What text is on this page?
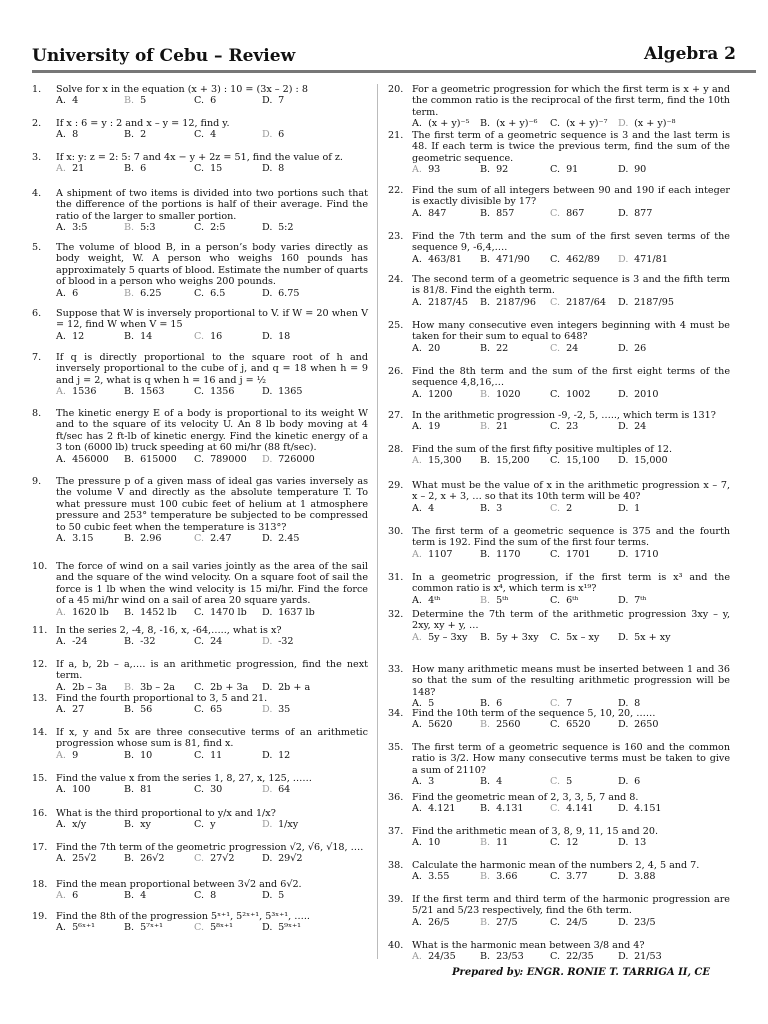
University of Cebu – Review	Algebra 2
1. Solve for x in the equation (x + 3) : 10 = (3x – 2) : 8
A. 4	B. 5	C. 6	D. 7
2. If x : 6 = y : 2 and x – y = 12, find y.
A. 8	B. 2	C. 4	D. 6
3. If x: y: z = 2: 5: 7 and 4x − y + 2z = 51, find the value of z.
A. 21	B. 6	C. 15	D. 8
4. A shipment of two items is divided into two portions such that the difference of the portions is half of their average. Find the ratio of the larger to smaller portion.
A. 3:5	B. 5:3	C. 2:5	D. 5:2
5. The volume of blood B, in a person’s body varies directly as body weight, W. A person who weighs 160 pounds has approximately 5 quarts of blood. Estimate the number of quarts of blood in a person who weighs 200 pounds.
A. 6	B. 6.25	C. 6.5	D. 6.75
6. Suppose that W is inversely proportional to V. if W = 20 when V = 12, find W when V = 15
A. 12	B. 14	C. 16	D. 18
7. If q is directly proportional to the square root of h and inversely proportional to the cube of j, and q = 18 when h = 9 and j = 2, what is q when h = 16 and j = ½
A. 1536	B. 1563	C. 1356	D. 1365
8. The kinetic energy E of a body is proportional to its weight W and to the square of its velocity U. An 8 lb body moving at 4 ft/sec has 2 ft-lb of kinetic energy. Find the kinetic energy of a 3 ton (6000 lb) truck speeding at 60 mi/hr (88 ft/sec).
A. 456000	B. 615000	C. 789000	D. 726000
9. The pressure p of a given mass of ideal gas varies inversely as the volume V and directly as the absolute temperature T. To what pressure must 100 cubic feet of helium at 1 atmosphere pressure and 253° temperature be subjected to be compressed to 50 cubic feet when the temperature is 313°?
A. 3.15	B. 2.96	C. 2.47	D. 2.45
10. The force of wind on a sail varies jointly as the area of the sail and the square of the wind velocity. On a square foot of sail the force is 1 lb when the wind velocity is 15 mi/hr. Find the force of a 45 mi/hr wind on a sail of area 20 square yards.
A. 1620 lb	B. 1452 lb	C. 1470 lb	D. 1637 lb
11. In the series 2, -4, 8, -16, x, -64,….., what is x?
A. -24	B. -32	C. 24	D. -32
12. If a, b, 2b – a,…. is an arithmetic progression, find the next term.
A. 2b – 3a	B. 3b – 2a	C. 2b + 3a	D. 2b + a
13. Find the fourth proportional to 3, 5 and 21.
A. 27	B. 56	C. 65	D. 35
14. If x, y and 5x are three consecutive terms of an arithmetic progression whose sum is 81, find x.
A. 9	B. 10	C. 11	D. 12
15. Find the value x from the series 1, 8, 27, x, 125, ……
A. 100	B. 81	C. 30	D. 64
16. What is the third proportional to y/x and 1/x?
A. x/y	B. xy	C. y	D. 1/xy
17. Find the 7th term of the geometric progression √2, √6, √18, ….
A. 25√2	B. 26√2	C. 27√2	D. 29√2
18. Find the mean proportional between 3√2 and 6√2.
A. 6	B. 4	C. 8	D. 5
19. Find the 8th of the progression 5ˣ⁺¹, 5²ˣ⁺¹, 5³ˣ⁺¹, …..
A. 5⁶ˣ⁺¹	B. 5⁷ˣ⁺¹	C. 5⁸ˣ⁺¹	D. 5⁹ˣ⁺¹
20. For a geometric progression for which the first term is x + y and the common ratio is the reciprocal of the first term, find the 10th term.
A. (x + y)⁻⁵	B. (x + y)⁻⁶	C. (x + y)⁻⁷	D. (x + y)⁻⁸
21. The first term of a geometric sequence is 3 and the last term is 48. If each term is twice the previous term, find the sum of the geometric sequence.
A. 93	B. 92	C. 91	D. 90
22. Find the sum of all integers between 90 and 190 if each integer is exactly divisible by 17?
A. 847	B. 857	C. 867	D. 877
23. Find the 7th term and the sum of the first seven terms of the sequence 9, -6,4,….
A. 463/81	B. 471/90	C. 462/89	D. 471/81
24. The second term of a geometric sequence is 3 and the fifth term is 81/8. Find the eighth term.
A. 2187/45	B. 2187/96	C. 2187/64	D. 2187/95
25. How many consecutive even integers beginning with 4 must be taken for their sum to equal to 648?
A. 20	B. 22	C. 24	D. 26
26. Find the 8th term and the sum of the first eight terms of the sequence 4,8,16,…
A. 1200	B. 1020	C. 1002	D. 2010
27. In the arithmetic progression -9, -2, 5, ….., which term is 131?
A. 19	B. 21	C. 23	D. 24
28. Find the sum of the first fifty positive multiples of 12.
A. 15,300	B. 15,200	C. 15,100	D. 15,000
29. What must be the value of x in the arithmetic progression x – 7, x – 2, x + 3, … so that its 10th term will be 40?
A. 4	B. 3	C. 2	D. 1
30. The first term of a geometric sequence is 375 and the fourth term is 192. Find the sum of the first four terms.
A. 1107	B. 1170	C. 1701	D. 1710
31. In a geometric progression, if the first term is x³ and the common ratio is x⁴, which term is x¹⁹?
A. 4ᵗʰ	B. 5ᵗʰ	C. 6ᵗʰ	D. 7ᵗʰ
32. Determine the 7th term of the arithmetic progression 3xy – y, 2xy, xy + y, …
A. 5y – 3xy	B. 5y + 3xy	C. 5x – xy	D. 5x + xy
33. How many arithmetic means must be inserted between 1 and 36 so that the sum of the resulting arithmetic progression will be 148?
A. 5	B. 6	C. 7	D. 8
34. Find the 10th term of the sequence 5, 10, 20, ……
A. 5620	B. 2560	C. 6520	D. 2650
35. The first term of a geometric sequence is 160 and the common ratio is 3/2. How many consecutive terms must be taken to give a sum of 2110?
A. 3	B. 4	C. 5	D. 6
36. Find the geometric mean of 2, 3, 3, 5, 7 and 8.
A. 4.121	B. 4.131	C. 4.141	D. 4.151
37. Find the arithmetic mean of 3, 8, 9, 11, 15 and 20.
A. 10	B. 11	C. 12	D. 13
38. Calculate the harmonic mean of the numbers 2, 4, 5 and 7.
A. 3.55	B. 3.66	C. 3.77	D. 3.88
39. If the first term and third term of the harmonic progression are 5/21 and 5/23 respectively, find the 6th term.
A. 26/5	B. 27/5	C. 24/5	D. 23/5
40. What is the harmonic mean between 3/8 and 4?
A. 24/35	B. 23/53	C. 22/35	D. 21/53
Prepared by: ENGR. RONIE T. TARRIGA II, CE
